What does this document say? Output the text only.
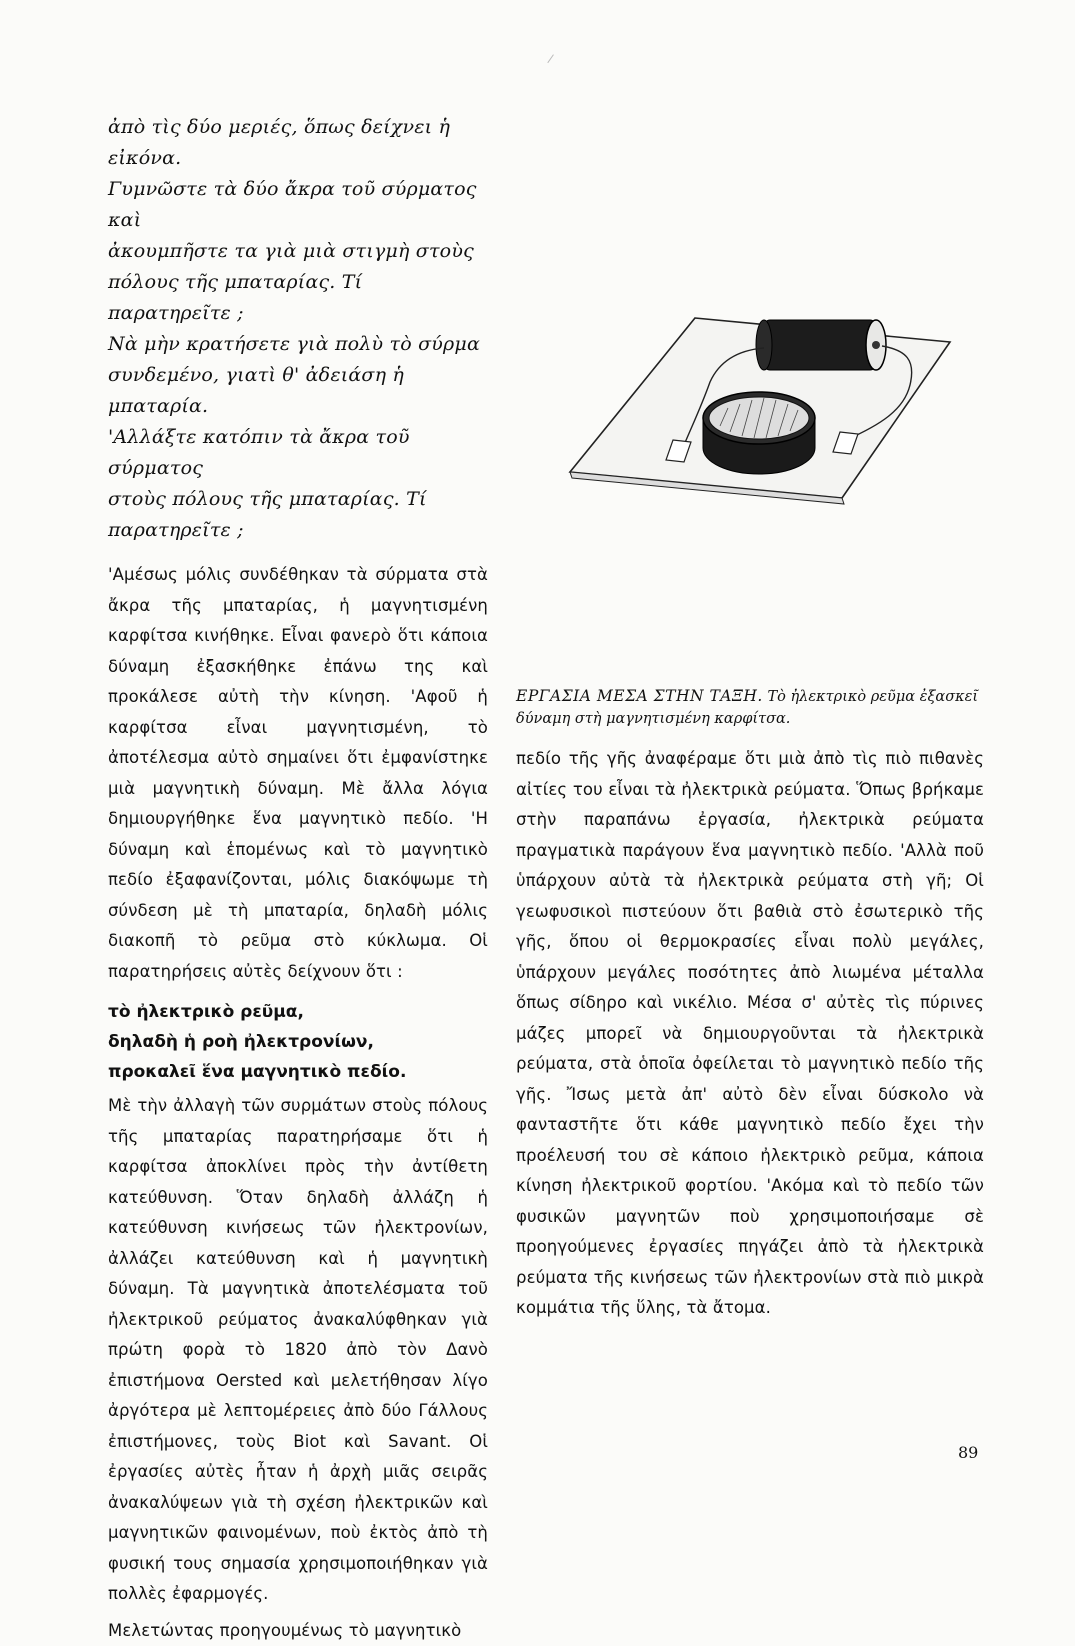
ἀπὸ τὶς δύο μεριές, ὅπως δείχνει ἡ εἰκόνα.

Γυμνῶστε τὰ δύο ἄκρα τοῦ σύρματος καὶ

ἀκουμπῆστε τα γιὰ μιὰ στιγμὴ στοὺς

πόλους τῆς μπαταρίας. Τί παρατηρεῖτε ;

Νὰ μὴν κρατήσετε γιὰ πολὺ τὸ σύρμα

συνδεμένο, γιατὶ θ' ἀδειάση ἡ μπαταρία.

'Αλλάξτε κατόπιν τὰ ἄκρα τοῦ σύρματος

στοὺς πόλους τῆς μπαταρίας. Τί

παρατηρεῖτε ;

'Αμέσως μόλις συνδέθηκαν τὰ σύρματα στὰ ἄκρα τῆς μπαταρίας, ἡ μαγνητισμένη καρφίτσα κινήθηκε. Εἶναι φανερὸ ὅτι κάποια δύναμη ἐξασκήθηκε ἐπάνω της καὶ προκάλεσε αὐτὴ τὴν κίνηση. 'Αφοῦ ἡ καρφίτσα εἶναι μαγνητισμένη, τὸ ἀποτέλεσμα αὐτὸ σημαίνει ὅτι ἐμφανίστηκε μιὰ μαγνητικὴ δύναμη. Μὲ ἄλλα λόγια δημιουργήθηκε ἕνα μαγνητικὸ πεδίο. 'Η δύναμη καὶ ἑπομένως καὶ τὸ μαγνητικὸ πεδίο ἐξαφανίζονται, μόλις διακόψωμε τὴ σύνδεση μὲ τὴ μπαταρία, δηλαδὴ μόλις διακοπῆ τὸ ρεῦμα στὸ κύκλωμα. Οἱ παρατηρήσεις αὐτὲς δείχνουν ὅτι :
τὸ ἠλεκτρικὸ ρεῦμα,
δηλαδὴ ἡ ροὴ ἠλεκτρονίων,
προκαλεῖ ἕνα μαγνητικὸ πεδίο.
Μὲ τὴν ἀλλαγὴ τῶν συρμάτων στοὺς πόλους τῆς μπαταρίας παρατηρήσαμε ὅτι ἡ καρφίτσα ἀποκλίνει πρὸς τὴν ἀντίθετη κατεύθυνση. Ὅταν δηλαδὴ ἀλλάζη ἡ κατεύθυνση κινήσεως τῶν ἠλεκτρονίων, ἀλλάζει κατεύθυνση καὶ ἡ μαγνητικὴ δύναμη. Τὰ μαγνητικὰ ἀποτελέσματα τοῦ ἠλεκτρικοῦ ρεύματος ἀνακαλύφθηκαν γιὰ πρώτη φορὰ τὸ 1820 ἀπὸ τὸν Δανὸ ἐπιστήμονα Oersted καὶ μελετήθησαν λίγο ἀργότερα μὲ λεπτομέρειες ἀπὸ δύο Γάλλους ἐπιστήμονες, τοὺς Biot καὶ Savant. Οἱ ἐργασίες αὐτὲς ἦταν ἡ ἀρχὴ μιᾶς σειρᾶς ἀνακαλύψεων γιὰ τὴ σχέση ἠλεκτρικῶν καὶ μαγνητικῶν φαινομένων, ποὺ ἐκτὸς ἀπὸ τὴ φυσική τους σημασία χρησιμοποιήθηκαν γιὰ πολλὲς ἐφαρμογές.
Μελετώντας προηγουμένως τὸ μαγνητικὸ
ΕΡΓΑΣΙΑ ΜΕΣΑ ΣΤΗΝ ΤΑΞΗ. Τὸ ἠλεκτρικὸ ρεῦμα ἐξασκεῖ δύναμη στὴ μαγνητισμένη καρφίτσα.
πεδίο τῆς γῆς ἀναφέραμε ὅτι μιὰ ἀπὸ τὶς πιὸ πιθανὲς αἰτίες του εἶναι τὰ ἠλεκτρικὰ ρεύματα. Ὅπως βρήκαμε στὴν παραπάνω ἐργασία, ἠλεκτρικὰ ρεύματα πραγματικὰ παράγουν ἕνα μαγνητικὸ πεδίο. 'Αλλὰ ποῦ ὑπάρχουν αὐτὰ τὰ ἠλεκτρικὰ ρεύματα στὴ γῆ; Οἱ γεωφυσικοὶ πιστεύουν ὅτι βαθιὰ στὸ ἐσωτερικὸ τῆς γῆς, ὅπου οἱ θερμοκρασίες εἶναι πολὺ μεγάλες, ὑπάρχουν μεγάλες ποσότητες ἀπὸ λιωμένα μέταλλα ὅπως σίδηρο καὶ νικέλιο. Μέσα σ' αὐτὲς τὶς πύρινες μάζες μπορεῖ νὰ δημιουργοῦνται τὰ ἠλεκτρικὰ ρεύματα, στὰ ὁποῖα ὀφείλεται τὸ μαγνητικὸ πεδίο τῆς γῆς. Ἴσως μετὰ ἀπ' αὐτὸ δὲν εἶναι δύσκολο νὰ φανταστῆτε ὅτι κάθε μαγνητικὸ πεδίο ἔχει τὴν προέλευσή του σὲ κάποιο ἠλεκτρικὸ ρεῦμα, κάποια κίνηση ἠλεκτρικοῦ φορτίου. 'Ακόμα καὶ τὸ πεδίο τῶν φυσικῶν μαγνητῶν ποὺ χρησιμοποιήσαμε σὲ προηγούμενες ἐργασίες πηγάζει ἀπὸ τὰ ἠλεκτρικὰ ρεύματα τῆς κινήσεως τῶν ἠλεκτρονίων στὰ πιὸ μικρὰ κομμάτια τῆς ὕλης, τὰ ἄτομα.
89
